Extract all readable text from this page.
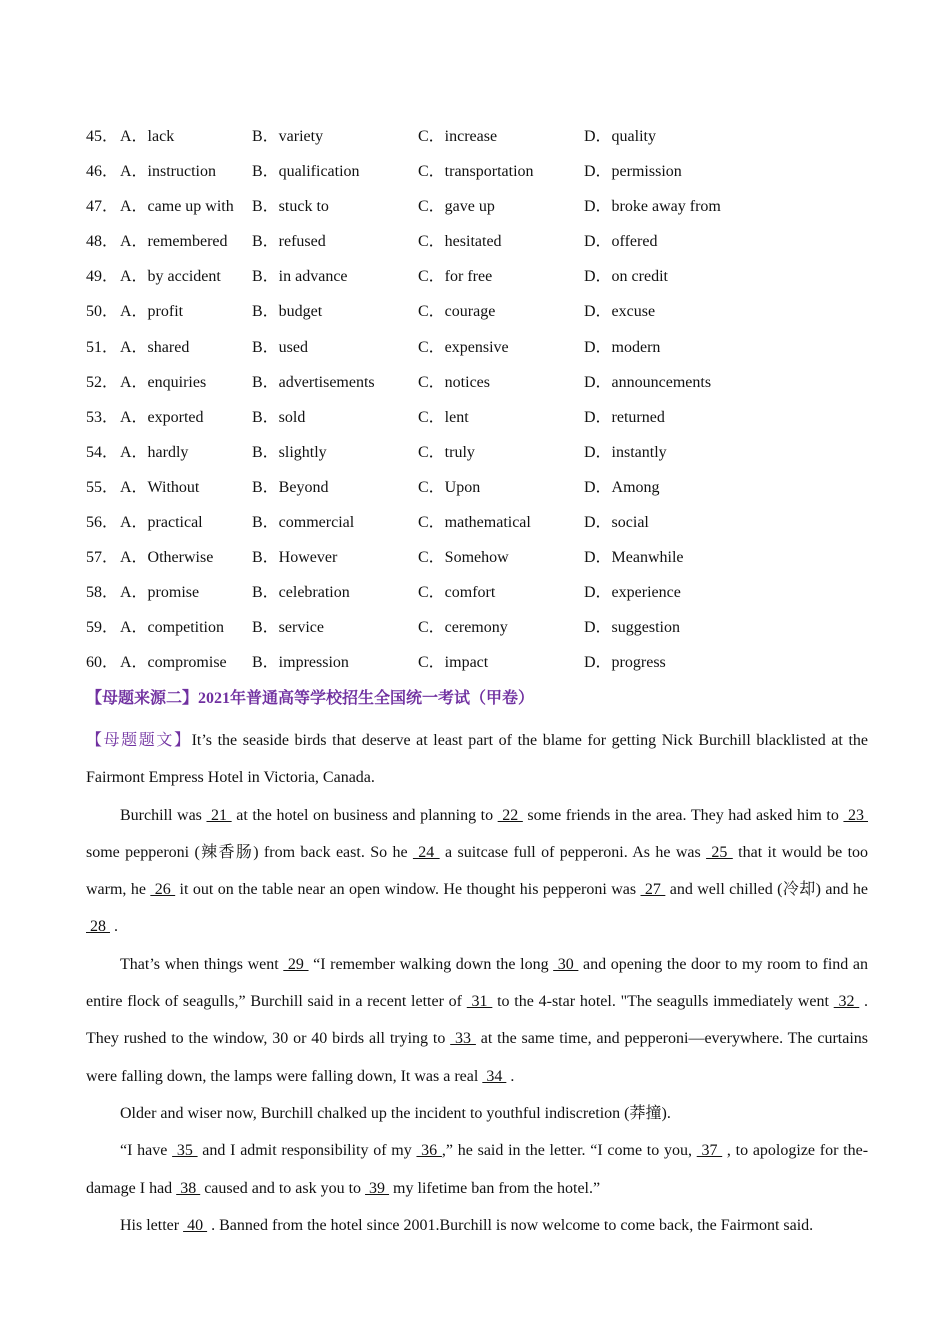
45． A．lack	B．variety	C．increase	D．quality
46． A．instruction B．qualification	C．transportation	D．permission
47． A．came up with B．stuck to	C．gave up	D．broke away from
48． A．remembered B．refused	C．hesitated	D．offered
49． A．by accident B．in advance	C．for free	D．on credit
50． A．profit	B．budget	C．courage	D．excuse
51． A．shared	B．used	C．expensive	D．modern
52． A．enquiries	B．advertisements	C．notices	D．announcements
53． A．exported	B．sold	C．lent	D．returned
54． A．hardly	B．slightly	C．truly	D．instantly
55． A．Without	B．Beyond	C．Upon	D．Among
56． A．practical	B．commercial	C．mathematical	D．social
57． A．Otherwise B．However	C．Somehow	D．Meanwhile
58． A．promise	B．celebration	C．comfort	D．experience
59． A．competition B．service	C．ceremony	D．suggestion
60． A．compromise B．impression	C．impact	D．progress
【母题来源二】2021年普通高等学校招生全国统一考试（甲卷）

【母题题文】It’s the seaside birds that deserve at least part of the blame for getting Nick Burchill blacklisted at the Fairmont Empress Hotel in Victoria, Canada.

Burchill was  21  at the hotel on business and planning to  22  some friends in the area. They had asked him to  23  some pepperoni (辣香肠) from back east. So he  24  a suitcase full of pepperoni. As he was  25  that it would be too warm, he  26  it out on the table near an open window. He thought his pepperoni was  27  and well chilled (冷却) and he  28  .

That’s when things went  29  “I remember walking down the long  30  and opening the door to my room to find an entire flock of seagulls,” Burchill said in a recent letter of  31  to the 4-star hotel. "The seagulls immediately went  32  . They rushed to the window, 30 or 40 birds all trying to  33  at the same time, and pepperoni—everywhere. The curtains were falling down, the lamps were falling down, It was a real  34  .

Older and wiser now, Burchill chalked up the incident to youthful indiscretion (莽撞).

“I have  35  and I admit responsibility of my  36 ,” he said in the letter. “I come to you,  37  , to apologize for the-damage I had  38  caused and to ask you to  39  my lifetime ban from the hotel.”

His letter  40  . Banned from the hotel since 2001.Burchill is now welcome to come back, the Fairmont said.
